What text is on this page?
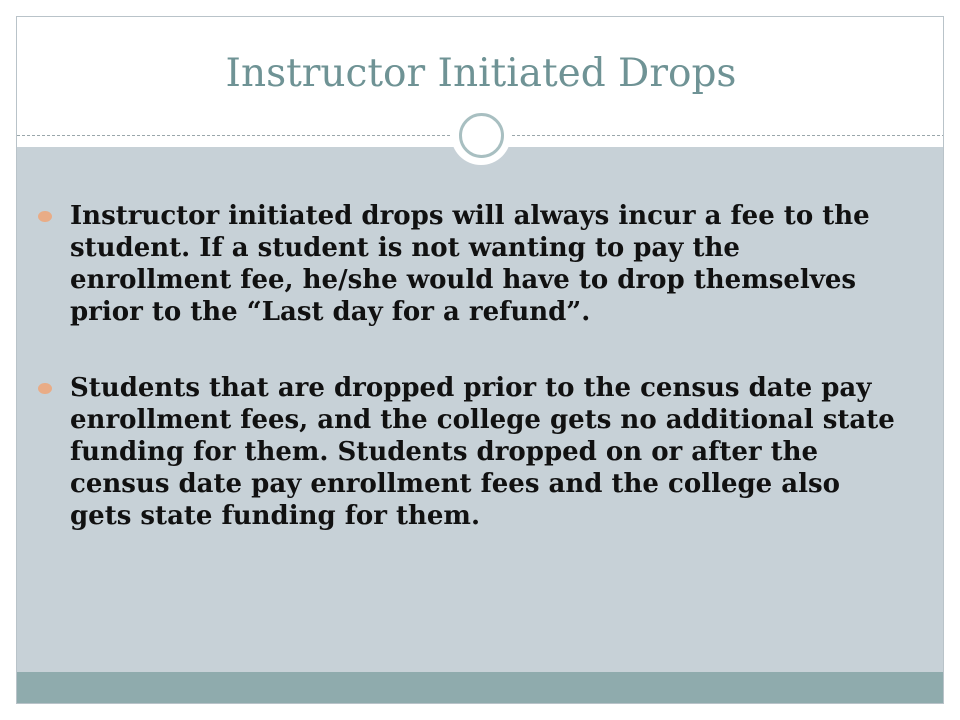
Instructor Initiated Drops
Instructor initiated drops will always incur a fee to the student. If a student is not wanting to pay the enrollment fee, he/she would have to drop themselves prior to the “Last day for a refund”.
Students that are dropped prior to the census date pay enrollment fees, and the college gets no additional state funding for them. Students dropped on or after the census date pay enrollment fees and the college also gets state funding for them.
